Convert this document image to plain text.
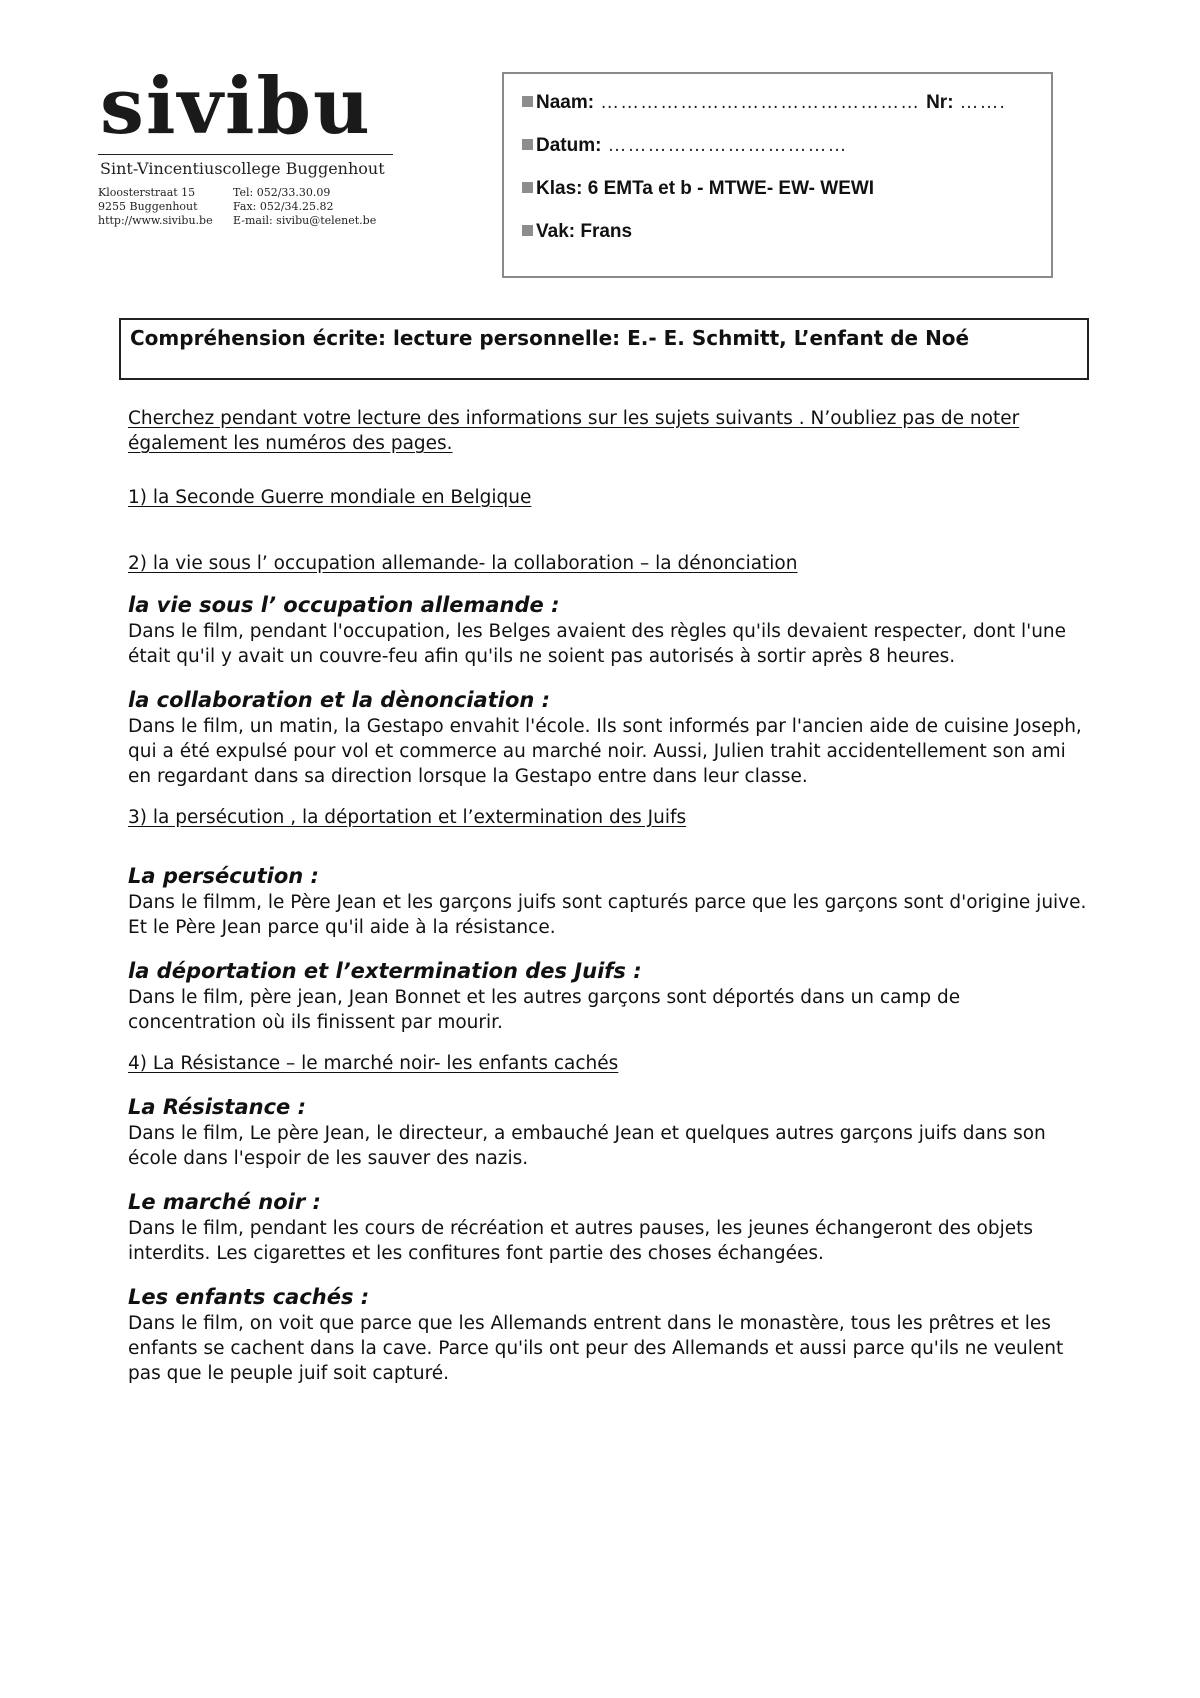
sivibu
Sint-Vincentiuscollege Buggenhout
Kloosterstraat 15	Tel: 052/33.30.09
9255 Buggenhout	Fax: 052/34.25.82
http://www.sivibu.be	E-mail: sivibu@telenet.be
Naam: ………………………………………… Nr: …….
Datum: ………………………………
Klas: 6 EMTa et b - MTWE- EW- WEWI
Vak: Frans
Compréhension écrite: lecture personnelle: E.- E. Schmitt, L’enfant de Noé

Cherchez pendant votre lecture des informations sur les sujets suivants . N’oubliez pas de noter également les numéros des pages.

1) la Seconde Guerre mondiale en Belgique

2) la vie sous l’ occupation allemande- la collaboration – la dénonciation

la vie sous l’ occupation allemande :

Dans le film, pendant l'occupation, les Belges avaient des règles qu'ils devaient respecter, dont l'une était qu'il y avait un couvre-feu afin qu'ils ne soient pas autorisés à sortir après 8 heures.

la collaboration et la dènonciation :

Dans le film, un matin, la Gestapo envahit l'école. Ils sont informés par l'ancien aide de cuisine Joseph, qui a été expulsé pour vol et commerce au marché noir. Aussi, Julien trahit accidentellement son ami en regardant dans sa direction lorsque la Gestapo entre dans leur classe.

3) la persécution , la déportation et l’extermination des Juifs

La persécution :

Dans le filmm, le Père Jean et les garçons juifs sont capturés parce que les garçons sont d'origine juive. Et le Père Jean parce qu'il aide à la résistance.

la déportation et l’extermination des Juifs :

Dans le film, père jean, Jean Bonnet et les autres garçons sont déportés dans un camp de concentration où ils finissent par mourir.

4) La Résistance – le marché noir- les enfants cachés

La Résistance :

Dans le film, Le père Jean, le directeur, a embauché Jean et quelques autres garçons juifs dans son école dans l'espoir de les sauver des nazis.

Le marché noir :

Dans le film, pendant les cours de récréation et autres pauses, les jeunes échangeront des objets interdits. Les cigarettes et les confitures font partie des choses échangées.

Les enfants cachés :

Dans le film, on voit que parce que les Allemands entrent dans le monastère, tous les prêtres et les enfants se cachent dans la cave. Parce qu'ils ont peur des Allemands et aussi parce qu'ils ne veulent pas que le peuple juif soit capturé.
